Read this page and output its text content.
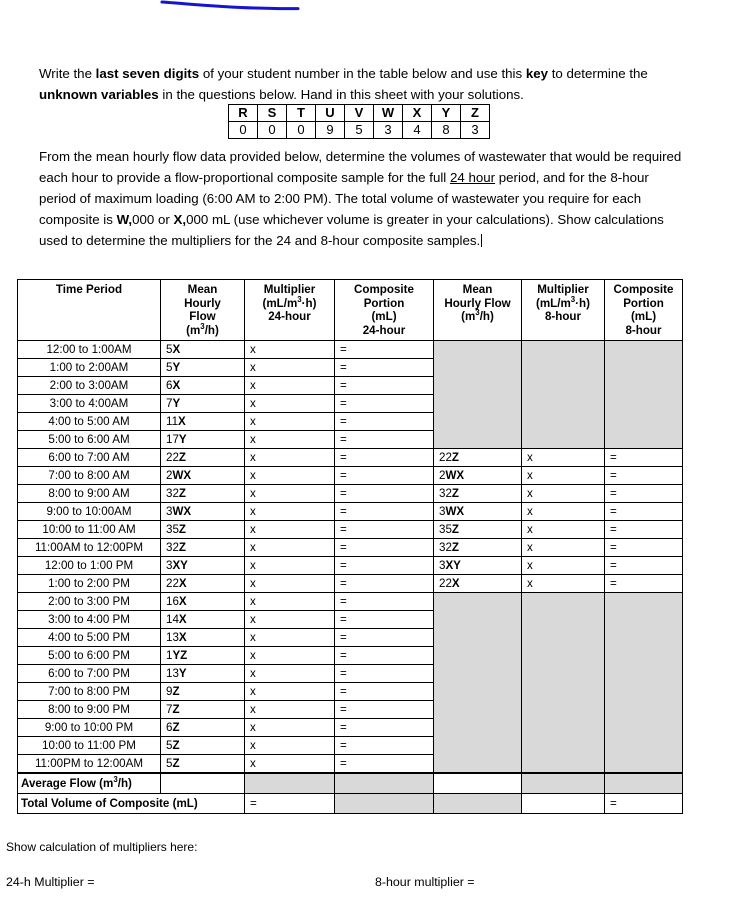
Write the last seven digits of your student number in the table below and use this key to determine the unknown variables in the questions below. Hand in this sheet with your solutions.
R	S	T	U	V	W	X	Y	Z
0	0	0	9	5	3	4	8	3
From the mean hourly flow data provided below, determine the volumes of wastewater that would be required each hour to provide a flow-proportional composite sample for the full 24 hour period, and for the 8-hour period of maximum loading (6:00 AM to 2:00 PM). The total volume of wastewater you require for each composite is W,000 or X,000 mL (use whichever volume is greater in your calculations). Show calculations used to determine the multipliers for the 24 and 8-hour composite samples.
Time Period	Mean
Hourly
Flow
$(m^3/h)$	Multiplier
$(mL/m^3\cdot h)$
24-hour	Composite
Portion
(mL)
24-hour	Mean
Hourly Flow
$(m^3/h)$	Multiplier
$(mL/m^3\cdot h)$
8-hour	Composite
Portion
(mL)
8-hour
12:00 to 1:00AM	5X	x	=			
1:00 to 2:00AM	5Y	x	=			
2:00 to 3:00AM	6X	x	=			
3:00 to 4:00AM	7Y	x	=			
4:00 to 5:00 AM	11X	x	=			
5:00 to 6:00 AM	17Y	x	=			
6:00 to 7:00 AM	22Z	x	=	22Z	x	=
7:00 to 8:00 AM	2WX	x	=	2WX	x	=
8:00 to 9:00 AM	32Z	x	=	32Z	x	=
9:00 to 10:00AM	3WX	x	=	3WX	x	=
10:00 to 11:00 AM	35Z	x	=	35Z	x	=
11:00AM to 12:00PM	32Z	x	=	32Z	x	=
12:00 to 1:00 PM	3XY	x	=	3XY	x	=
1:00 to 2:00 PM	22X	x	=	22X	x	=
2:00 to 3:00 PM	16X	x	=			
3:00 to 4:00 PM	14X	x	=			
4:00 to 5:00 PM	13X	x	=			
5:00 to 6:00 PM	1YZ	x	=			
6:00 to 7:00 PM	13Y	x	=			
7:00 to 8:00 PM	9Z	x	=			
8:00 to 9:00 PM	7Z	x	=			
9:00 to 10:00 PM	6Z	x	=			
10:00 to 11:00 PM	5Z	x	=			
11:00PM to 12:00AM	5Z	x	=			
Average Flow $(m^3/h)$						
Total Volume of Composite (mL)		=				=
Show calculation of multipliers here:
24-h Multiplier =	8-hour multiplier =
